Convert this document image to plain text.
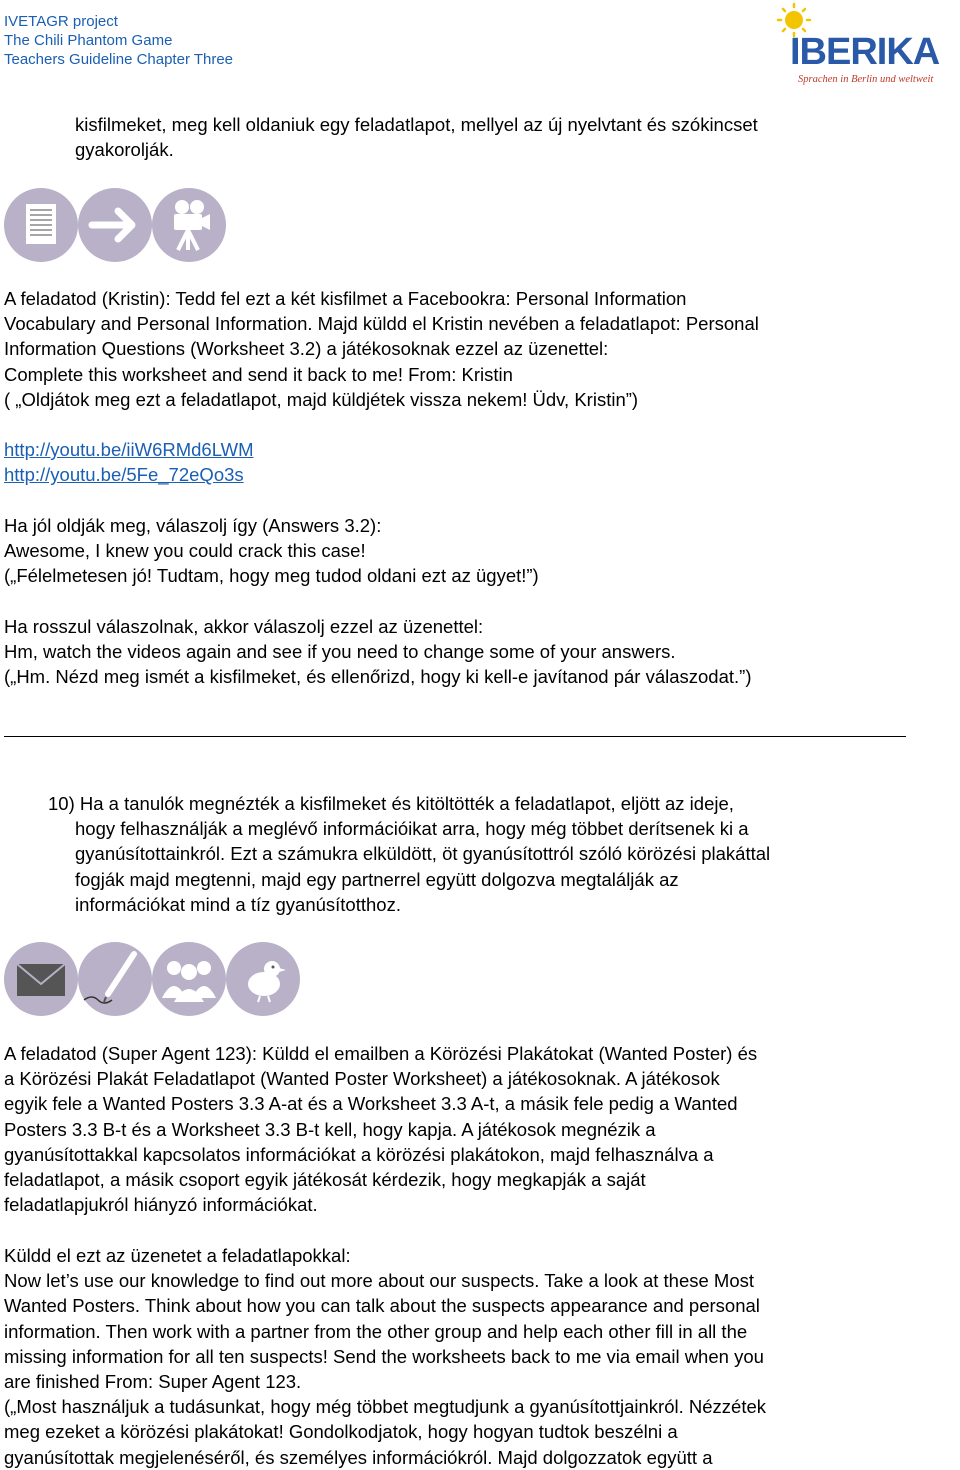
IVETAGR project
The Chili Phantom Game
Teachers Guideline Chapter Three	IBERIKA
Sprachen in Berlin und weltweit
kisfilmeket, meg kell oldaniuk egy feladatlapot, mellyel az új nyelvtant és szókincset
gyakorolják.
A feladatod (Kristin): Tedd fel ezt a két kisfilmet a Facebookra: Personal Information
Vocabulary and Personal Information. Majd küldd el Kristin nevében a feladatlapot: Personal
Information Questions (Worksheet 3.2) a játékosoknak ezzel az üzenettel:
Complete this worksheet and send it back to me! From: Kristin
( „Oldjátok meg ezt a feladatlapot, majd küldjétek vissza nekem! Üdv, Kristin”)
http://youtu.be/iiW6RMd6LWM
http://youtu.be/5Fe_72eQo3s
Ha jól oldják meg, válaszolj így (Answers 3.2):
Awesome, I knew you could crack this case!
(„Félelmetesen jó! Tudtam, hogy meg tudod oldani ezt az ügyet!”)
Ha rosszul válaszolnak, akkor válaszolj ezzel az üzenettel:
Hm, watch the videos again and see if you need to change some of your answers.
(„Hm. Nézd meg ismét a kisfilmeket, és ellenőrizd, hogy ki kell-e javítanod pár válaszodat.”)
10) Ha a tanulók megnézték a kisfilmeket és kitöltötték a feladatlapot, eljött az ideje,
hogy felhasználják a meglévő információikat arra, hogy még többet derítsenek ki a
gyanúsítottainkról. Ezt a számukra elküldött, öt gyanúsítottról szóló körözési plakáttal
fogják majd megtenni, majd egy partnerrel együtt dolgozva megtalálják az
információkat mind a tíz gyanúsítotthoz.
A feladatod (Super Agent 123): Küldd el emailben a Körözési Plakátokat (Wanted Poster) és
a Körözési Plakát Feladatlapot (Wanted Poster Worksheet) a játékosoknak. A játékosok
egyik fele a Wanted Posters 3.3 A-at és a Worksheet 3.3 A-t, a másik fele pedig a Wanted
Posters 3.3 B-t és a Worksheet 3.3 B-t kell, hogy kapja. A játékosok megnézik a
gyanúsítottakkal kapcsolatos információkat a körözési plakátokon, majd felhasználva a
feladatlapot, a másik csoport egyik játékosát kérdezik, hogy megkapják a saját
feladatlapjukról hiányzó információkat.
Küldd el ezt az üzenetet a feladatlapokkal:
Now let’s use our knowledge to find out more about our suspects. Take a look at these Most
Wanted Posters. Think about how you can talk about the suspects appearance and personal
information. Then work with a partner from the other group and help each other fill in all the
missing information for all ten suspects! Send the worksheets back to me via email when you
are finished From: Super Agent 123.
(„Most használjuk a tudásunkat, hogy még többet megtudjunk a gyanúsítottjainkról. Nézzétek
meg ezeket a körözési plakátokat! Gondolkodjatok, hogy hogyan tudtok beszélni a
gyanúsítottak megjelenéséről, és személyes információkról. Majd dolgozzatok együtt a
